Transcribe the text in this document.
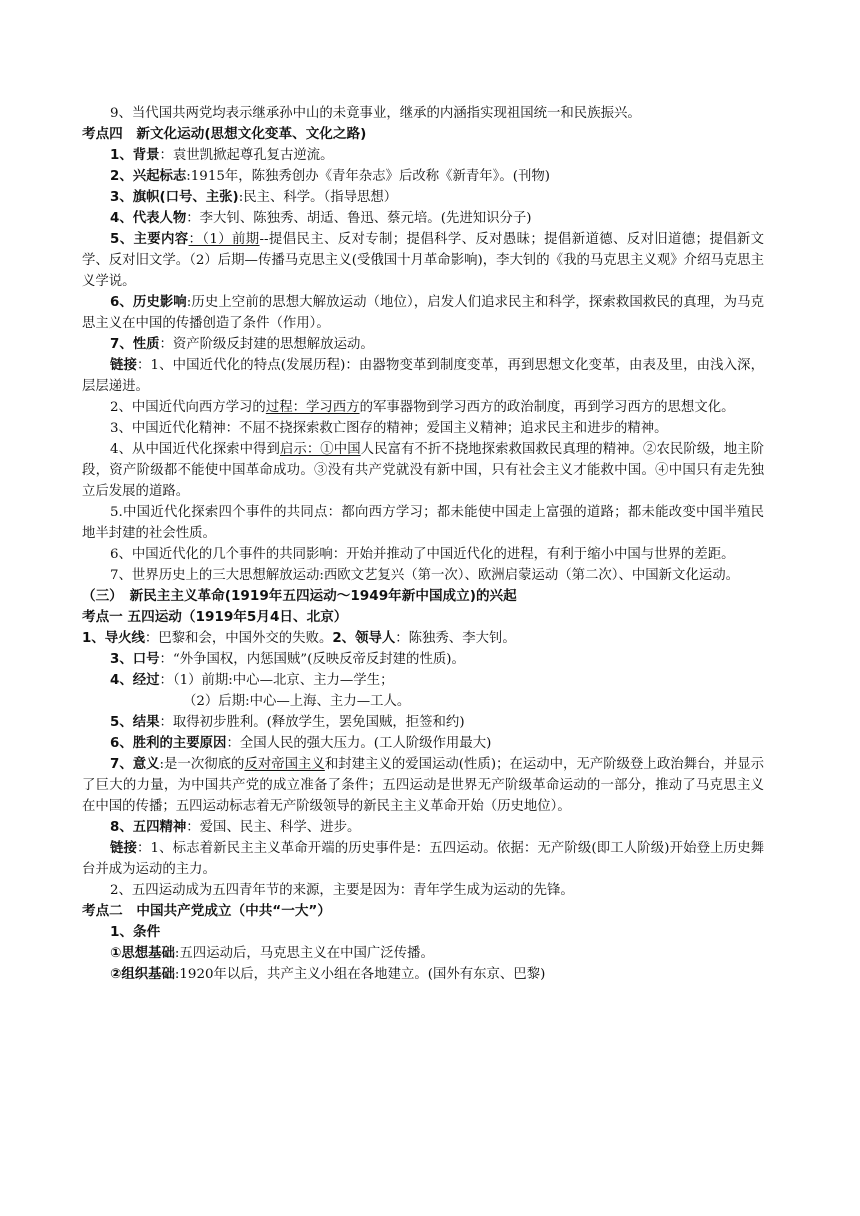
9、当代国共两党均表示继承孙中山的未竟事业，继承的内涵指实现祖国统一和民族振兴。

考点四　新文化运动(思想文化变革、文化之路)

1、背景：袁世凯掀起尊孔复古逆流。

2、兴起标志:1915年，陈独秀创办《青年杂志》后改称《新青年》。(刊物)

3、旗帜(口号、主张):民主、科学。（指导思想）

4、代表人物：李大钊、陈独秀、胡适、鲁迅、蔡元培。(先进知识分子)

5、主要内容：（1）前期--提倡民主、反对专制；提倡科学、反对愚昧；提倡新道德、反对旧道德；提倡新文学、反对旧文学。（2）后期—传播马克思主义(受俄国十月革命影响)，李大钊的《我的马克思主义观》介绍马克思主义学说。

6、历史影响:历史上空前的思想大解放运动（地位），启发人们追求民主和科学，探索救国救民的真理，为马克思主义在中国的传播创造了条件（作用）。

7、性质：资产阶级反封建的思想解放运动。

链接：1、中国近代化的特点(发展历程)：由器物变革到制度变革，再到思想文化变革，由表及里，由浅入深，层层递进。

2、中国近代向西方学习的过程：学习西方的军事器物到学习西方的政治制度，再到学习西方的思想文化。

3、中国近代化精神：不屈不挠探索救亡图存的精神；爱国主义精神；追求民主和进步的精神。

4、从中国近代化探索中得到启示：①中国人民富有不折不挠地探索救国救民真理的精神。②农民阶级，地主阶段，资产阶级都不能使中国革命成功。③没有共产党就没有新中国，只有社会主义才能救中国。④中国只有走先独立后发展的道路。

5.中国近代化探索四个事件的共同点：都向西方学习；都未能使中国走上富强的道路；都未能改变中国半殖民地半封建的社会性质。

6、中国近代化的几个事件的共同影响：开始并推动了中国近代化的进程，有利于缩小中国与世界的差距。

7、世界历史上的三大思想解放运动:西欧文艺复兴（第一次）、欧洲启蒙运动（第二次）、中国新文化运动。

（三）　新民主主义革命(1919年五四运动～1949年新中国成立)的兴起

考点一 五四运动（1919年5月4日、北京）

1、导火线：巴黎和会，中国外交的失败。2、领导人：陈独秀、李大钊。

3、口号：“外争国权，内惩国贼”(反映反帝反封建的性质)。

4、经过：（1）前期:中心—北京、主力—学生；

（2）后期:中心—上海、主力—工人。

5、结果：取得初步胜利。(释放学生，罢免国贼，拒签和约)

6、胜利的主要原因：全国人民的强大压力。(工人阶级作用最大)

7、意义:是一次彻底的反对帝国主义和封建主义的爱国运动(性质)；在运动中，无产阶级登上政治舞台，并显示了巨大的力量，为中国共产党的成立准备了条件；五四运动是世界无产阶级革命运动的一部分，推动了马克思主义在中国的传播；五四运动标志着无产阶级领导的新民主主义革命开始（历史地位）。

8、五四精神：爱国、民主、科学、进步。

链接：1、标志着新民主主义革命开端的历史事件是：五四运动。依据：无产阶级(即工人阶级)开始登上历史舞台并成为运动的主力。

2、五四运动成为五四青年节的来源，主要是因为：青年学生成为运动的先锋。

考点二　中国共产党成立（中共“一大”）

1、条件

①思想基础:五四运动后，马克思主义在中国广泛传播。

②组织基础:1920年以后，共产主义小组在各地建立。(国外有东京、巴黎)
